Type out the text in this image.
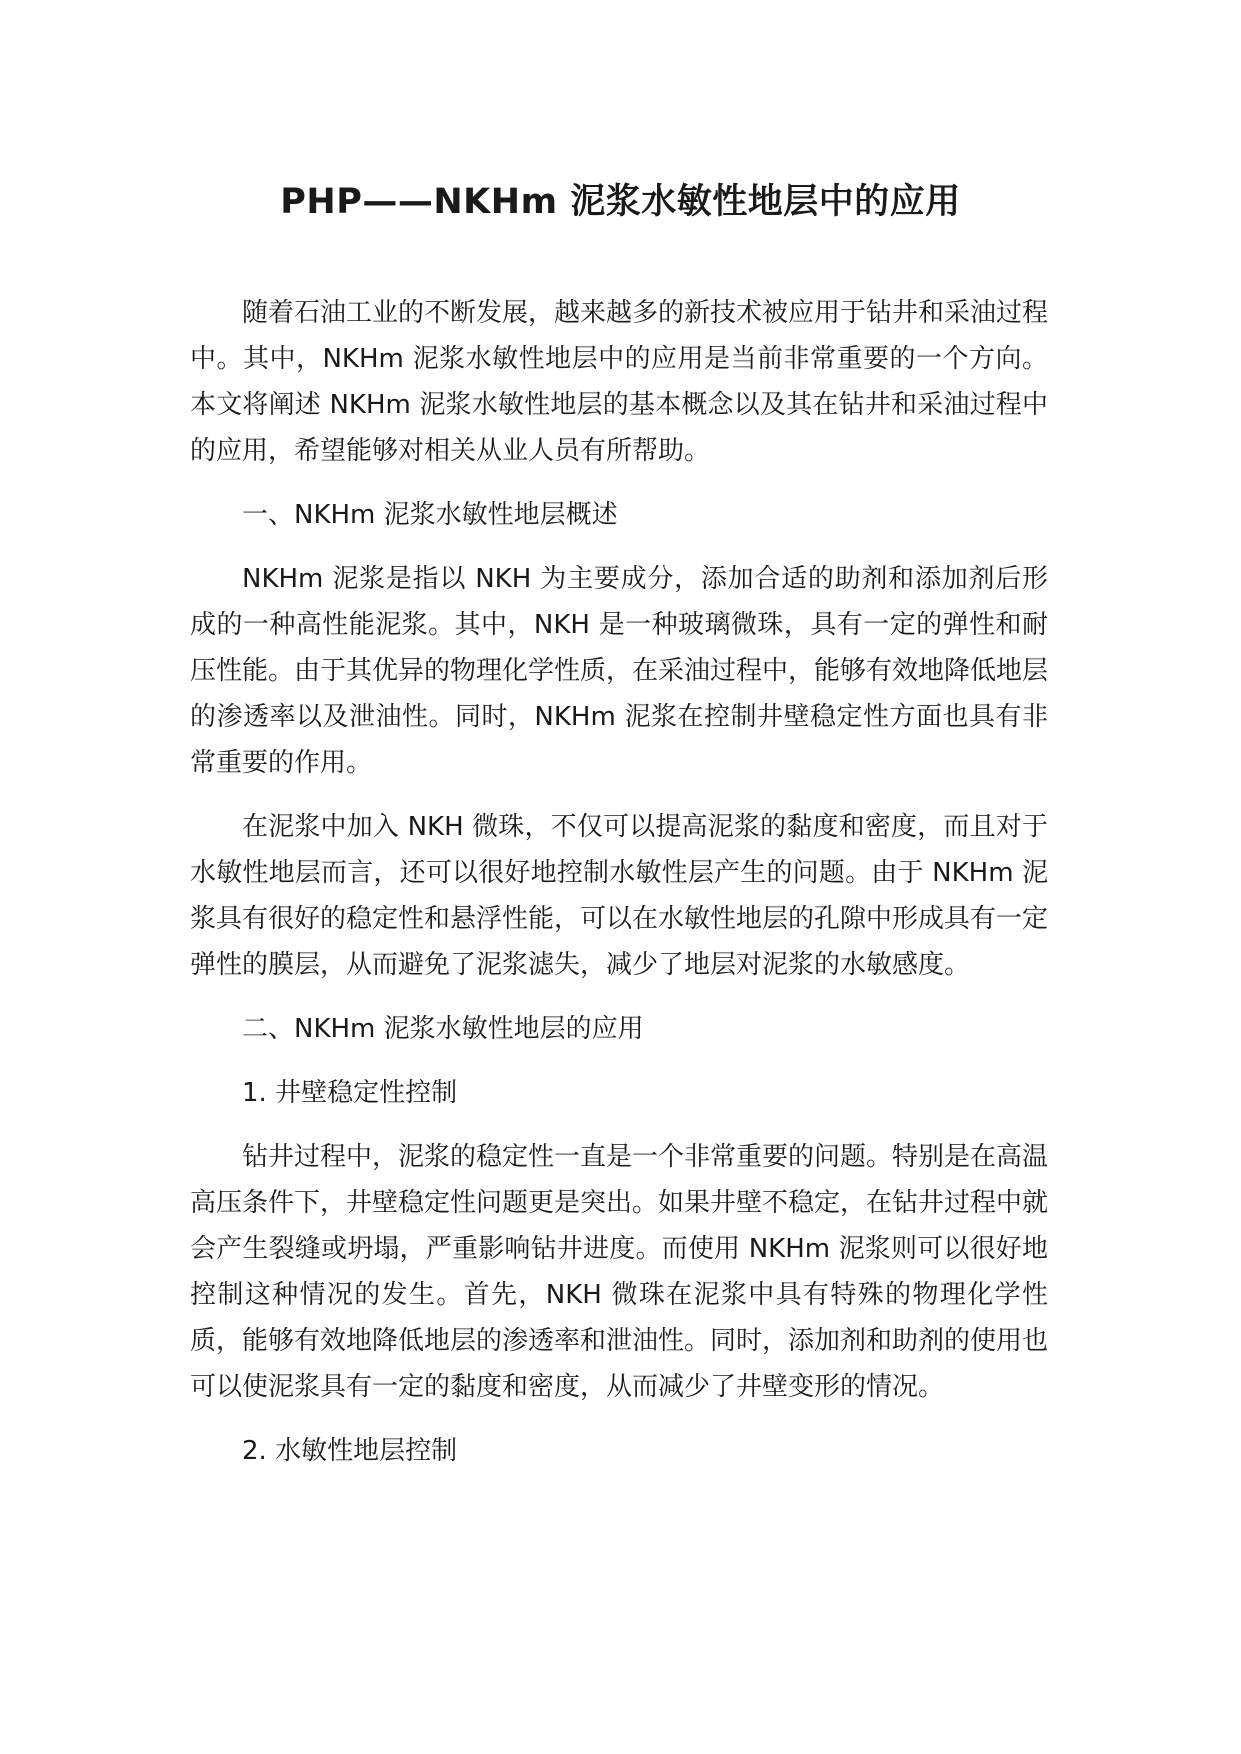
PHP——NKHm 泥浆水敏性地层中的应用

随着石油工业的不断发展，越来越多的新技术被应用于钻井和采油过程中。其中，NKHm 泥浆水敏性地层中的应用是当前非常重要的一个方向。本文将阐述 NKHm 泥浆水敏性地层的基本概念以及其在钻井和采油过程中的应用，希望能够对相关从业人员有所帮助。

一、NKHm 泥浆水敏性地层概述

NKHm 泥浆是指以 NKH 为主要成分，添加合适的助剂和添加剂后形成的一种高性能泥浆。其中，NKH 是一种玻璃微珠，具有一定的弹性和耐压性能。由于其优异的物理化学性质，在采油过程中，能够有效地降低地层的渗透率以及泄油性。同时，NKHm 泥浆在控制井壁稳定性方面也具有非常重要的作用。

在泥浆中加入 NKH 微珠，不仅可以提高泥浆的黏度和密度，而且对于水敏性地层而言，还可以很好地控制水敏性层产生的问题。由于 NKHm 泥浆具有很好的稳定性和悬浮性能，可以在水敏性地层的孔隙中形成具有一定弹性的膜层，从而避免了泥浆滤失，减少了地层对泥浆的水敏感度。

二、NKHm 泥浆水敏性地层的应用

1. 井壁稳定性控制

钻井过程中，泥浆的稳定性一直是一个非常重要的问题。特别是在高温高压条件下，井壁稳定性问题更是突出。如果井壁不稳定，在钻井过程中就会产生裂缝或坍塌，严重影响钻井进度。而使用 NKHm 泥浆则可以很好地控制这种情况的发生。首先，NKH 微珠在泥浆中具有特殊的物理化学性质，能够有效地降低地层的渗透率和泄油性。同时，添加剂和助剂的使用也可以使泥浆具有一定的黏度和密度，从而减少了井壁变形的情况。

2. 水敏性地层控制
